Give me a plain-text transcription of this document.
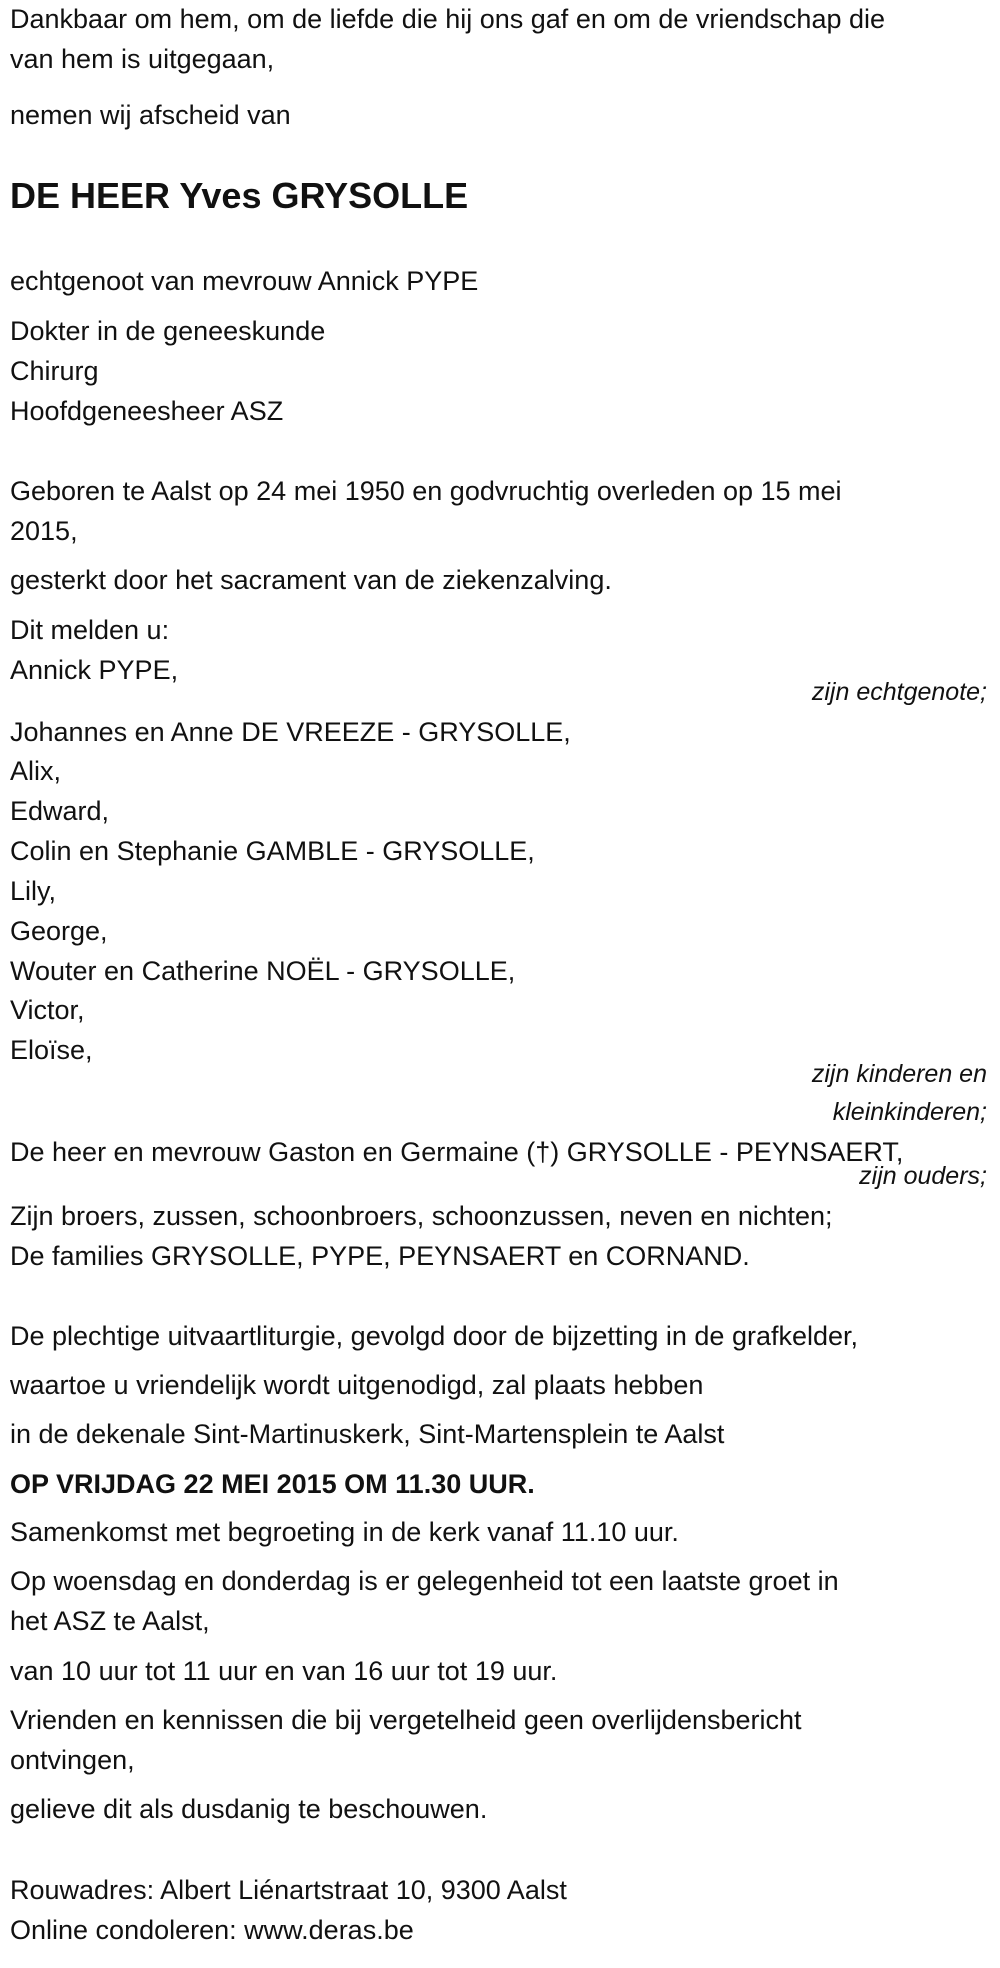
Dankbaar om hem, om de liefde die hij ons gaf en om de vriendschap die
van hem is uitgegaan,
nemen wij afscheid van
DE HEER Yves GRYSOLLE
echtgenoot van mevrouw Annick PYPE
Dokter in de geneeskunde
Chirurg
Hoofdgeneesheer ASZ
Geboren te Aalst op 24 mei 1950 en godvruchtig overleden op 15 mei
2015,
gesterkt door het sacrament van de ziekenzalving.
Dit melden u:
Annick PYPE,
zijn echtgenote;
Johannes en Anne DE VREEZE - GRYSOLLE,
Alix,
Edward,
Colin en Stephanie GAMBLE - GRYSOLLE,
Lily,
George,
Wouter en Catherine NOËL - GRYSOLLE,
Victor,
Eloïse,
zijn kinderen en
kleinkinderen;
De heer en mevrouw Gaston en Germaine (†) GRYSOLLE - PEYNSAERT,
zijn ouders;
Zijn broers, zussen, schoonbroers, schoonzussen, neven en nichten;
De families GRYSOLLE, PYPE, PEYNSAERT en CORNAND.
De plechtige uitvaartliturgie, gevolgd door de bijzetting in de grafkelder,
waartoe u vriendelijk wordt uitgenodigd, zal plaats hebben
in de dekenale Sint-Martinuskerk, Sint-Martensplein te Aalst
OP VRIJDAG 22 MEI 2015 OM 11.30 UUR.
Samenkomst met begroeting in de kerk vanaf 11.10 uur.
Op woensdag en donderdag is er gelegenheid tot een laatste groet in
het ASZ te Aalst,
van 10 uur tot 11 uur en van 16 uur tot 19 uur.
Vrienden en kennissen die bij vergetelheid geen overlijdensbericht
ontvingen,
gelieve dit als dusdanig te beschouwen.
Rouwadres: Albert Liénartstraat 10, 9300 Aalst
Online condoleren: www.deras.be
